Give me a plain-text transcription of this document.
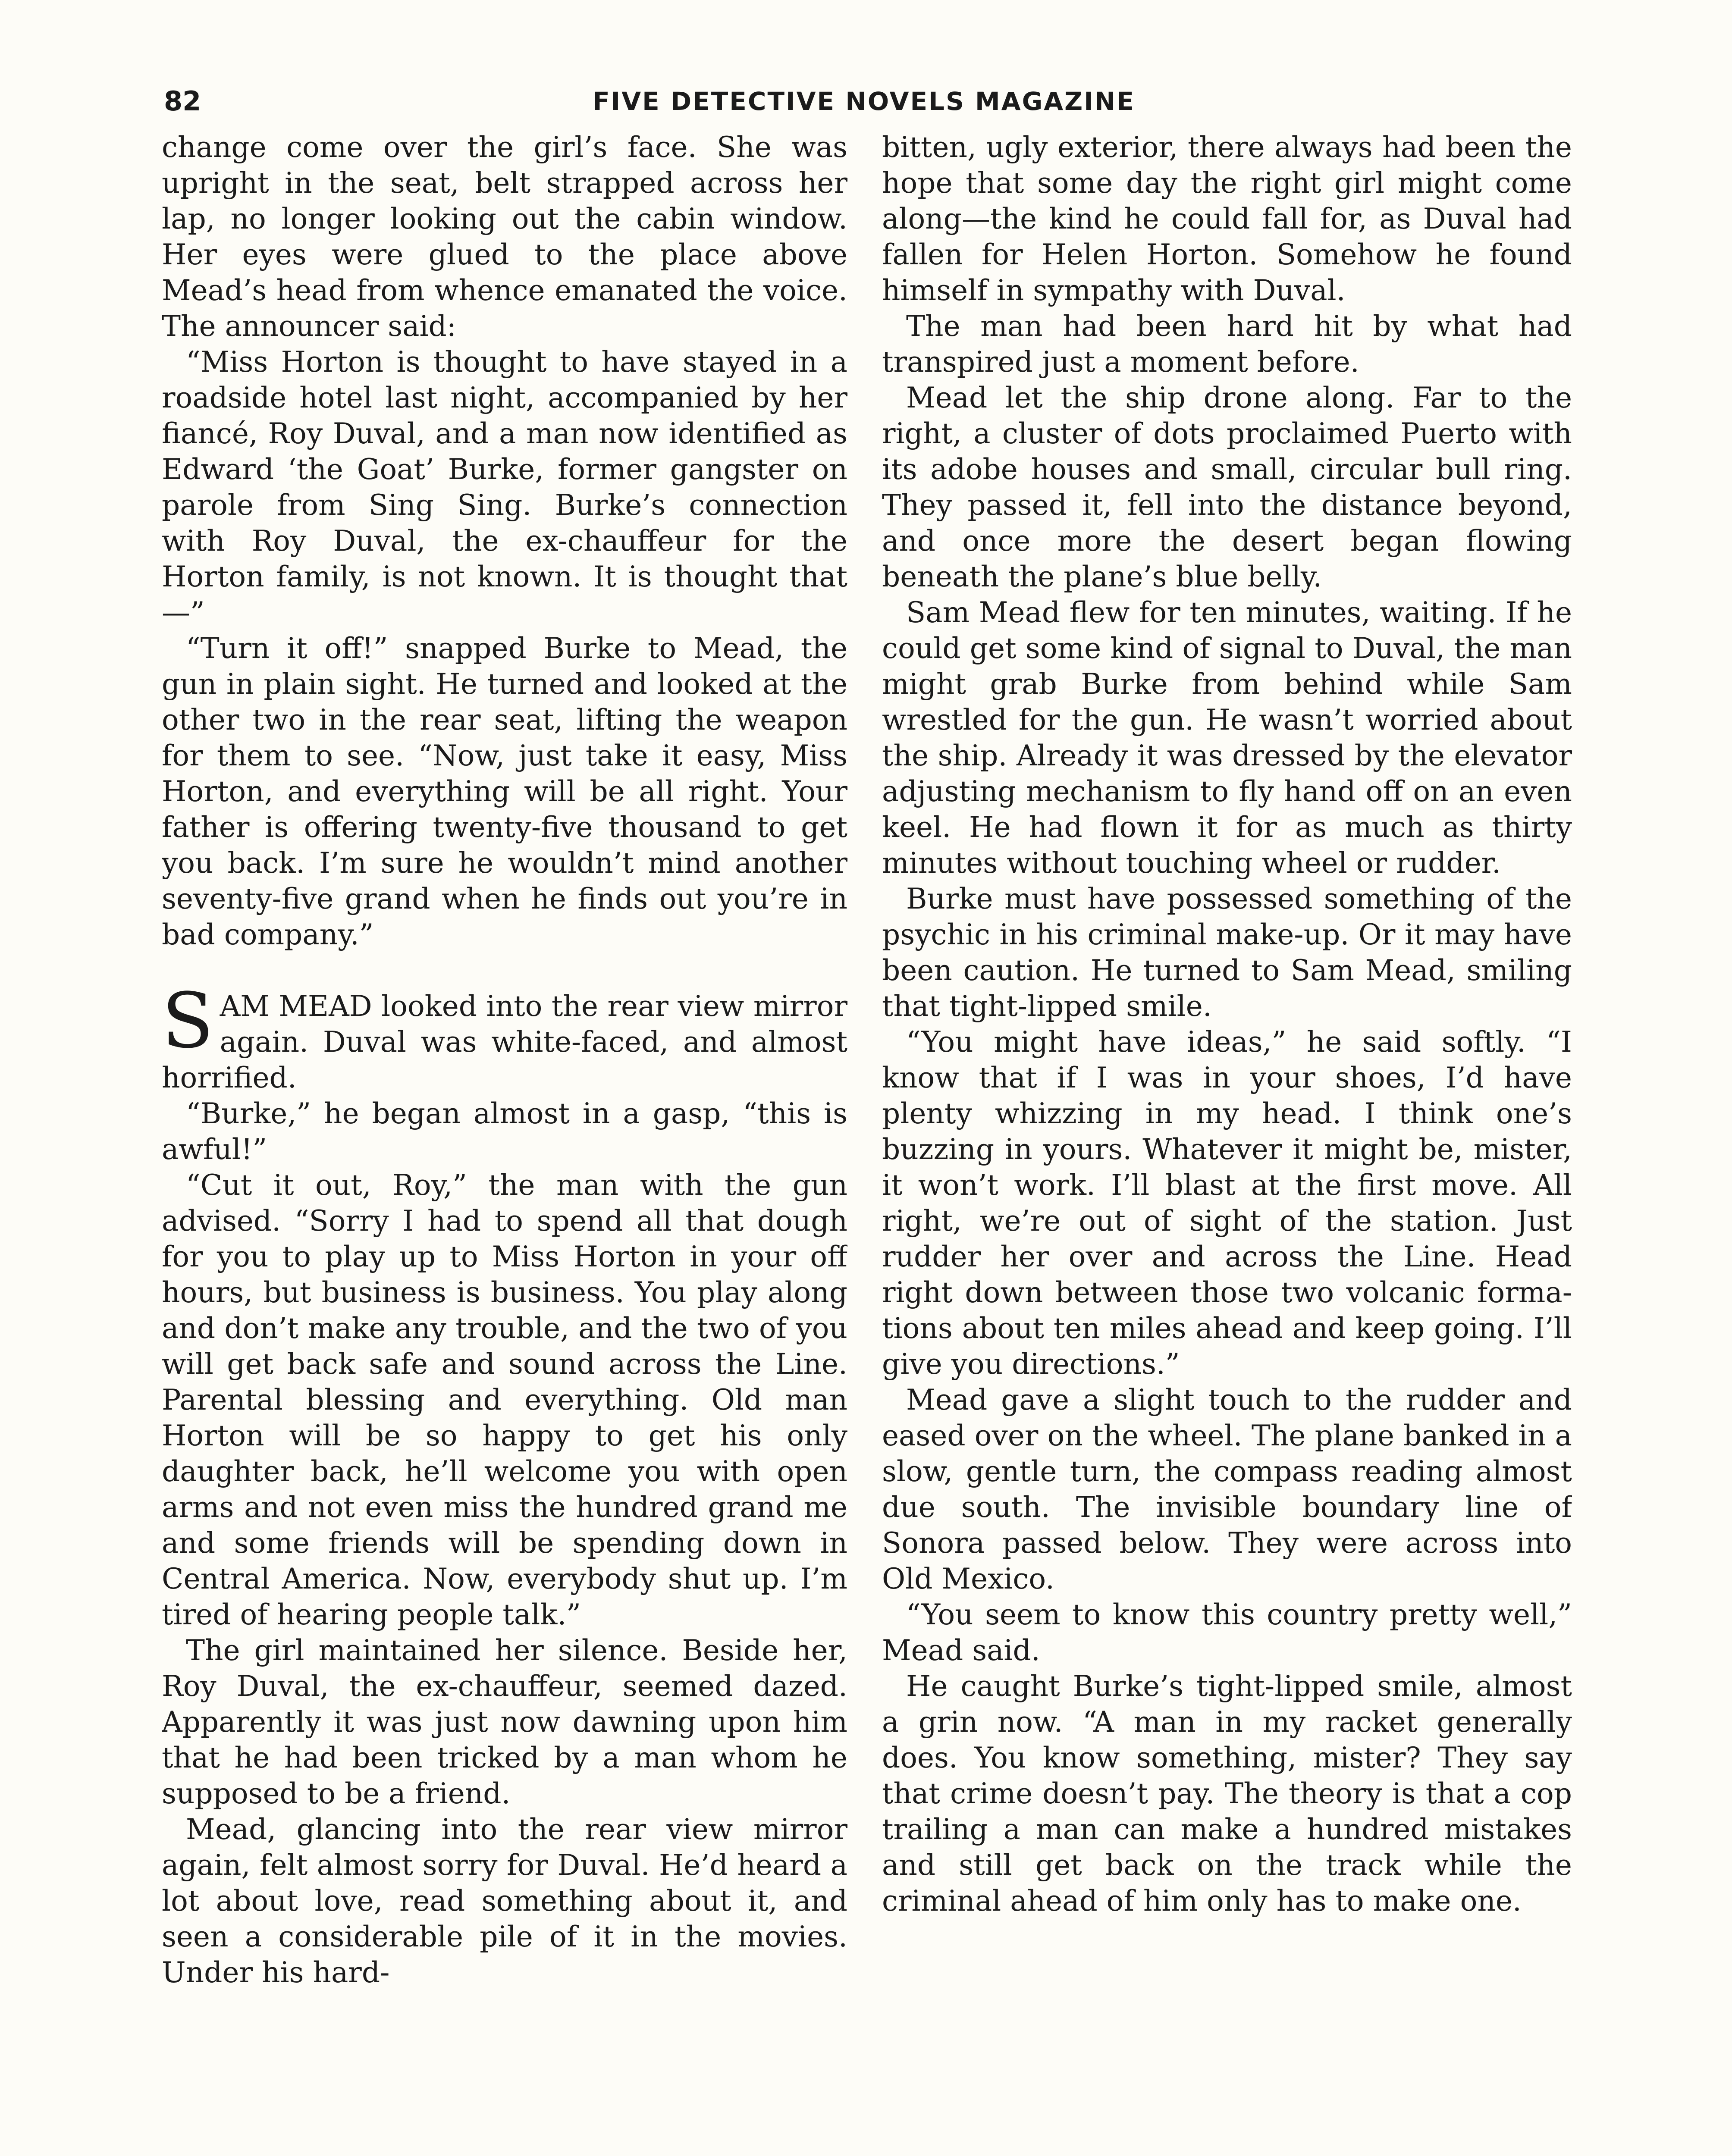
82	FIVE DETECTIVE NOVELS MAGAZINE

change come over the girl’s face. She was upright in the seat, belt strapped across her lap, no longer looking out the cabin window. Her eyes were glued to the place above Mead’s head from whence emanated the voice. The announcer said:

“Miss Horton is thought to have stayed in a roadside hotel last night, accompanied by her fiancé, Roy Duval, and a man now identified as Edward ‘the Goat’ Burke, former gangster on parole from Sing Sing. Burke’s connection with Roy Duval, the ex-chauffeur for the Horton family, is not known. It is thought that—”

“Turn it off!” snapped Burke to Mead, the gun in plain sight. He turned and looked at the other two in the rear seat, lifting the weapon for them to see. “Now, just take it easy, Miss Horton, and everything will be all right. Your father is offering twenty-five thousand to get you back. I’m sure he wouldn’t mind another seventy-five grand when he finds out you’re in bad company.”

SAM MEAD looked into the rear view mirror again. Duval was white-faced, and almost horrified.

“Burke,” he began almost in a gasp, “this is awful!”

“Cut it out, Roy,” the man with the gun advised. “Sorry I had to spend all that dough for you to play up to Miss Horton in your off hours, but business is business. You play along and don’t make any trouble, and the two of you will get back safe and sound across the Line. Parental blessing and everything. Old man Horton will be so happy to get his only daughter back, he’ll welcome you with open arms and not even miss the hundred grand me and some friends will be spending down in Central America. Now, everybody shut up. I’m tired of hearing people talk.”

The girl maintained her silence. Beside her, Roy Duval, the ex-chauffeur, seemed dazed. Apparently it was just now dawning upon him that he had been tricked by a man whom he supposed to be a friend.

Mead, glancing into the rear view mirror again, felt almost sorry for Duval. He’d heard a lot about love, read something about it, and seen a considerable pile of it in the movies. Under his hard-

bitten, ugly exterior, there always had been the hope that some day the right girl might come along—the kind he could fall for, as Duval had fallen for Helen Horton. Somehow he found himself in sympathy with Duval.

The man had been hard hit by what had transpired just a moment before.

Mead let the ship drone along. Far to the right, a cluster of dots proclaimed Puerto with its adobe houses and small, circular bull ring. They passed it, fell into the distance beyond, and once more the desert began flowing beneath the plane’s blue belly.

Sam Mead flew for ten minutes, waiting. If he could get some kind of signal to Duval, the man might grab Burke from behind while Sam wrestled for the gun. He wasn’t worried about the ship. Already it was dressed by the elevator adjusting mechanism to fly hand off on an even keel. He had flown it for as much as thirty minutes without touching wheel or rudder.

Burke must have possessed something of the psychic in his criminal make-up. Or it may have been caution. He turned to Sam Mead, smiling that tight-lipped smile.

“You might have ideas,” he said softly. “I know that if I was in your shoes, I’d have plenty whizzing in my head. I think one’s buzzing in yours. Whatever it might be, mister, it won’t work. I’ll blast at the first move. All right, we’re out of sight of the station. Just rudder her over and across the Line. Head right down between those two volcanic formations about ten miles ahead and keep going. I’ll give you directions.”

Mead gave a slight touch to the rudder and eased over on the wheel. The plane banked in a slow, gentle turn, the compass reading almost due south. The invisible boundary line of Sonora passed below. They were across into Old Mexico.

“You seem to know this country pretty well,” Mead said.

He caught Burke’s tight-lipped smile, almost a grin now. “A man in my racket generally does. You know something, mister? They say that crime doesn’t pay. The theory is that a cop trailing a man can make a hundred mistakes and still get back on the track while the criminal ahead of him only has to make one.
